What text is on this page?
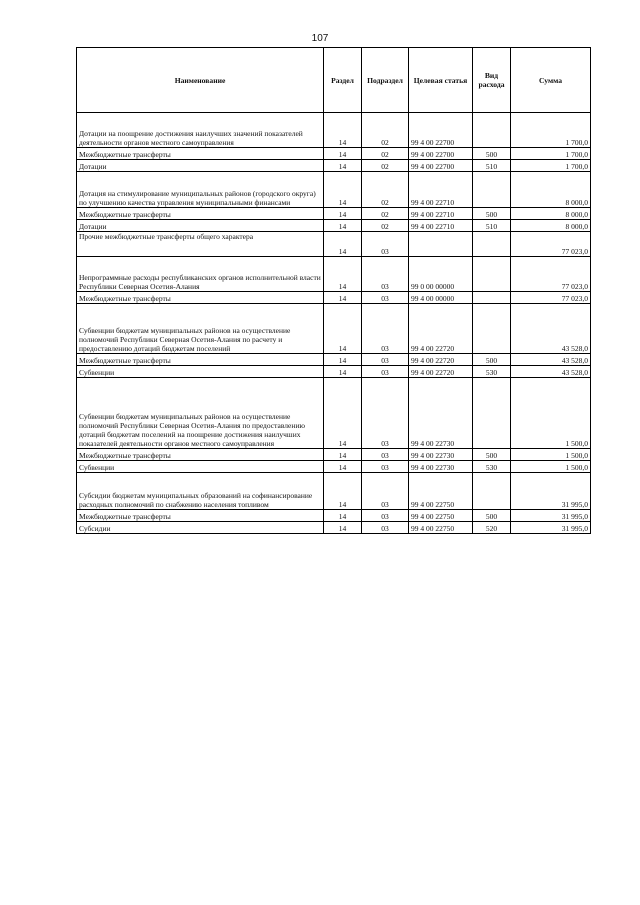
107
Наименование	Раздел	Подраздел	Целевая статья	Вид расхода	Сумма
Дотации на поощрение достижения наилучших значений показателей деятельности органов местного самоуправления	14	02	99 4 00 22700		1 700,0
Межбюджетные трансферты	14	02	99 4 00 22700	500	1 700,0
Дотации	14	02	99 4 00 22700	510	1 700,0
Дотация на стимулирование муниципальных районов (городского округа) по улучшению качества управления муниципальными финансами	14	02	99 4 00 22710		8 000,0
Межбюджетные трансферты	14	02	99 4 00 22710	500	8 000,0
Дотации	14	02	99 4 00 22710	510	8 000,0
Прочие межбюджетные трансферты общего характера	14	03			77 023,0
Непрограммные расходы республиканских органов исполнительной власти Республики Северная Осетия-Алания	14	03	99 0 00 00000		77 023,0
Межбюджетные трансферты	14	03	99 4 00 00000		77 023,0
Субвенции бюджетам муниципальных районов на осуществление полномочий Республики Северная Осетия-Алания по расчету и предоставлению дотаций бюджетам поселений	14	03	99 4 00 22720		43 528,0
Межбюджетные трансферты	14	03	99 4 00 22720	500	43 528,0
Субвенции	14	03	99 4 00 22720	530	43 528,0
Субвенции бюджетам муниципальных районов на осуществление полномочий Республики Северная Осетия-Алания по предоставлению дотаций бюджетам поселений на поощрение достижения наилучших показателей деятельности органов местного самоуправления	14	03	99 4 00 22730		1 500,0
Межбюджетные трансферты	14	03	99 4 00 22730	500	1 500,0
Субвенции	14	03	99 4 00 22730	530	1 500,0
Субсидии бюджетам муниципальных образований на софинансирование расходных полномочий по снабжению населения топливом	14	03	99 4 00 22750		31 995,0
Межбюджетные трансферты	14	03	99 4 00 22750	500	31 995,0
Субсидии	14	03	99 4 00 22750	520	31 995,0
